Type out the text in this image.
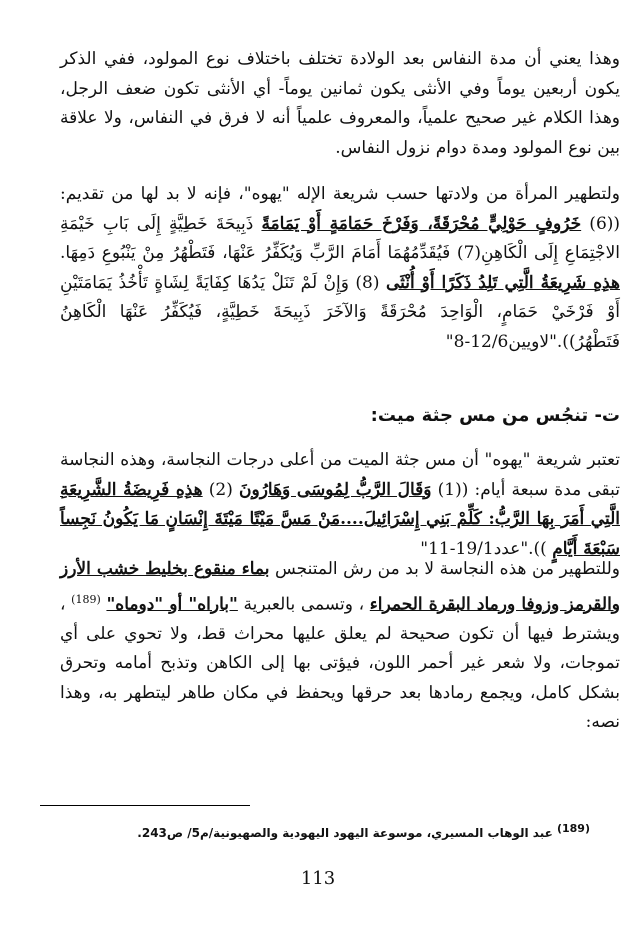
وهذا يعني أن مدة النفاس بعد الولادة تختلف باختلاف نوع المولود، ففي الذكر يكون أربعين يوماً وفي الأنثى يكون ثمانين يوماً- أي الأنثى تكون ضعف الرجل، وهذا الكلام غير صحيح علمياً، والمعروف علمياً أنه لا فرق في النفاس، ولا علاقة بين نوع المولود ومدة دوام نزول النفاس.
ولتطهير المرأة من ولادتها حسب شريعة الإله "يهوه"، فإنه لا بد لها من تقديم:((6) خَرُوفٍ حَوْلِيٍّ مُحْرَقَةً، وَفَرْخَ حَمَامَةٍ أَوْ يَمَامَةً ذَبِيحَةَ خَطِيَّةٍ إِلَى بَابِ خَيْمَةِ الاجْتِمَاعِ إِلَى الْكَاهِنِ(7) فَيُقَدِّمُهُمَا أَمَامَ الرَّبِّ وَيُكَفِّرُ عَنْهَا، فَتَطْهُرُ مِنْ يَنْبُوعِ دَمِهَا. هذِهِ شَرِيعَةُ الَّتِي تَلِدُ ذَكَرًا أَوْ أُنْثَى (8) وَإِنْ لَمْ تَنَلْ يَدُهَا كِفَايَةً لِشَاةٍ تَأْخُذُ يَمَامَتَيْنِ أَوْ فَرْخَيْ حَمَامٍ، الْوَاحِدَ مُحْرَقَةً وَالآخَرَ ذَبِيحَةَ خَطِيَّةٍ، فَيُكَفِّرُ عَنْهَا الْكَاهِنُ فَتَطْهُرُ))."لاويين12/6-8"
ت- تنجُس من مس جثة ميت:
تعتبر شريعة "يهوه" أن مس جثة الميت من أعلى درجات النجاسة، وهذه النجاسة تبقى مدة سبعة أيام: ((1) وَقَالَ الرَّبُّ لِمُوسَى وَهَارُونَ (2) هذِهِ فَرِيضَةُ الشَّرِيعَةِ الَّتِي أَمَرَ بِهَا الرَّبُّ: كَلِّمْ بَنِي إِسْرَائِيلَ....مَنْ مَسَّ مَيْتًا مَيْتَةَ إِنْسَانٍ مَا يَكُونُ نَجِساً سَبْعَةَ أَيَّامٍ ))."عدد19/1-11"
وللتطهير من هذه النجاسة لا بد من رش المتنجس بماء منقوع بخليط خشب الأرز والقرمز وزوفا ورماد البقرة الحمراء ، وتسمى بالعبرية "باراه" أو "دوماه" $^{(189)}$ ، ويشترط فيها أن تكون صحيحة لم يعلق عليها محراث قط، ولا تحوي على أي تموجات، ولا شعر غير أحمر اللون، فيؤتى بها إلى الكاهن وتذبح أمامه وتحرق بشكل كامل، ويجمع رمادها بعد حرقها ويحفظ في مكان طاهر ليتطهر به، وهذا نصه:
$^{(189)}$ عبد الوهاب المسيري، موسوعة اليهود اليهودية والصهيونية/م5/ ص243.
113
